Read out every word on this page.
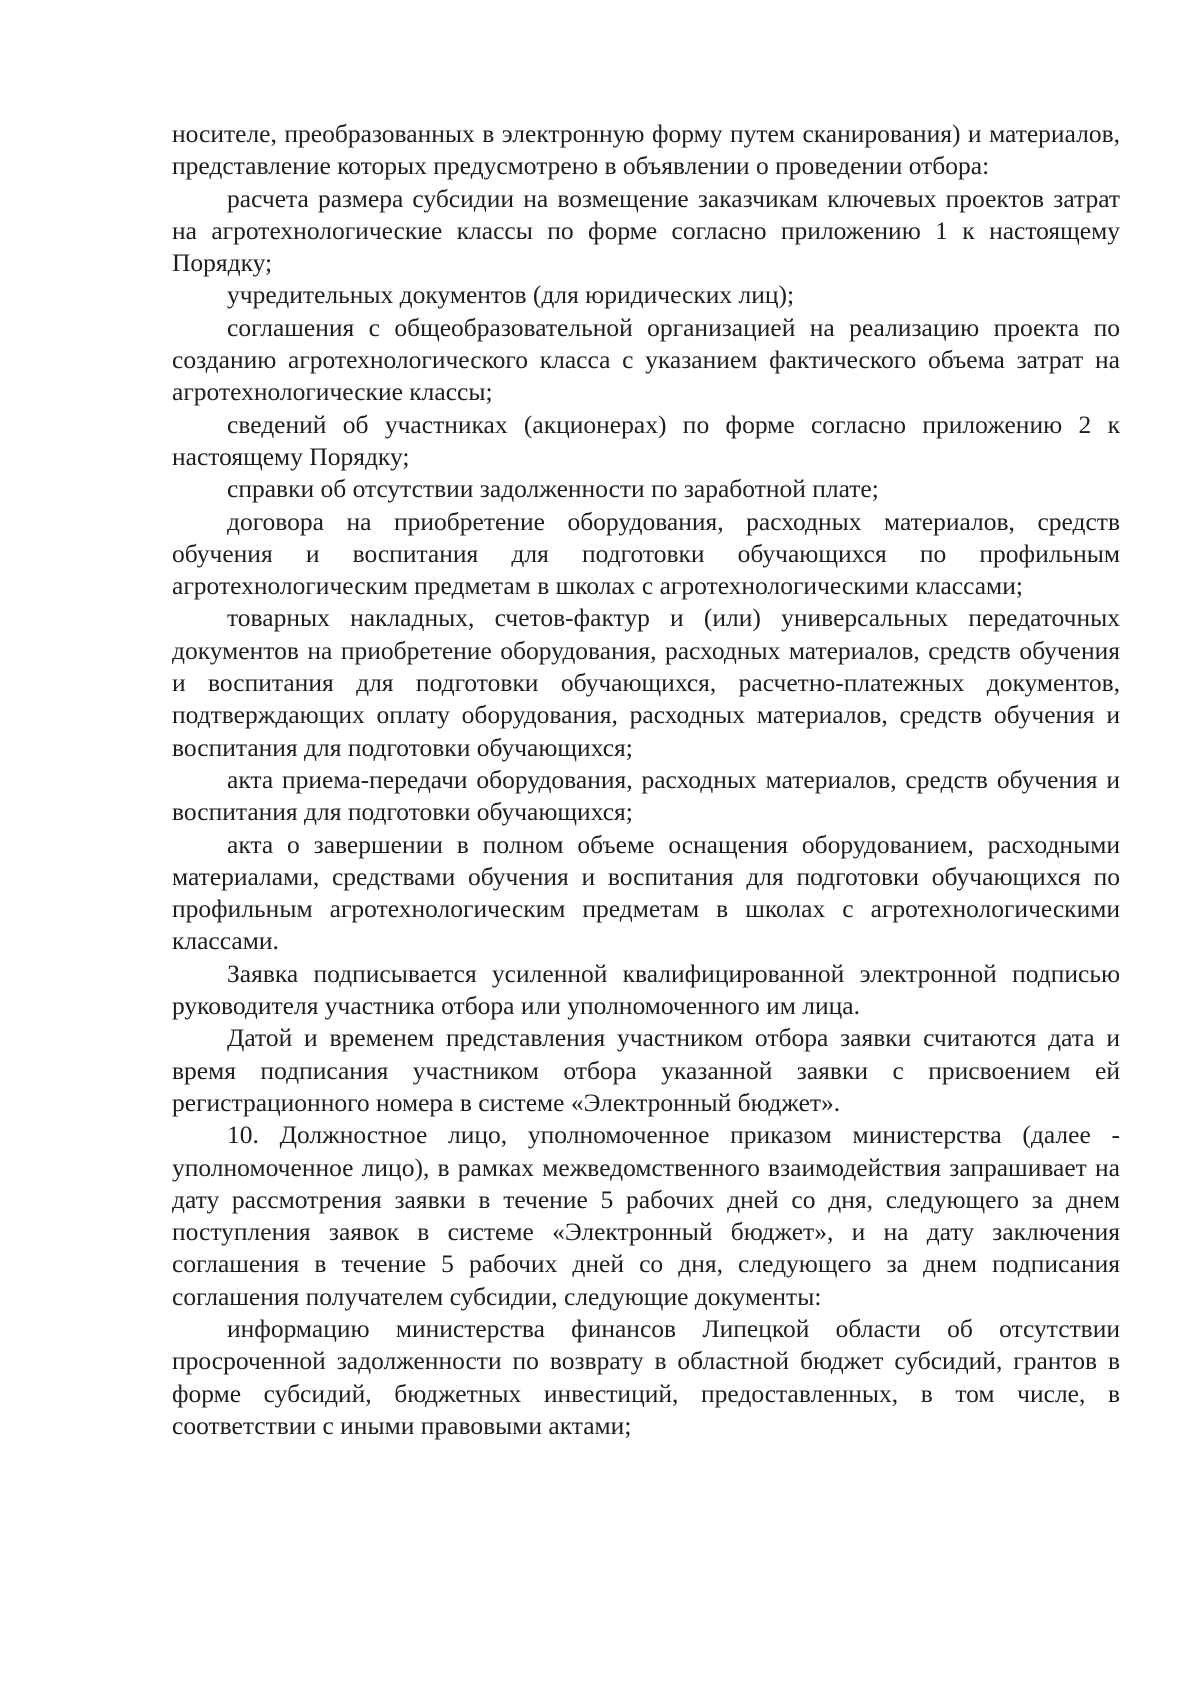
носителе, преобразованных в электронную форму путем сканирования) и материалов, представление которых предусмотрено в объявлении о проведении отбора:

расчета размера субсидии на возмещение заказчикам ключевых проектов затрат на агротехнологические классы по форме согласно приложению 1 к настоящему Порядку;

учредительных документов (для юридических лиц);

соглашения с общеобразовательной организацией на реализацию проекта по созданию агротехнологического класса с указанием фактического объема затрат на агротехнологические классы;

сведений об участниках (акционерах) по форме согласно приложению 2 к настоящему Порядку;

справки об отсутствии задолженности по заработной плате;

договора на приобретение оборудования, расходных материалов, средств обучения и воспитания для подготовки обучающихся по профильным агротехнологическим предметам в школах с агротехнологическими классами;

товарных накладных, счетов-фактур и (или) универсальных передаточных документов на приобретение оборудования, расходных материалов, средств обучения и воспитания для подготовки обучающихся, расчетно-платежных документов, подтверждающих оплату оборудования, расходных материалов, средств обучения и воспитания для подготовки обучающихся;

акта приема-передачи оборудования, расходных материалов, средств обучения и воспитания для подготовки обучающихся;

акта о завершении в полном объеме оснащения оборудованием, расходными материалами, средствами обучения и воспитания для подготовки обучающихся по профильным агротехнологическим предметам в школах с агротехнологическими классами.

Заявка подписывается усиленной квалифицированной электронной подписью руководителя участника отбора или уполномоченного им лица.

Датой и временем представления участником отбора заявки считаются дата и время подписания участником отбора указанной заявки с присвоением ей регистрационного номера в системе «Электронный бюджет».

10. Должностное лицо, уполномоченное приказом министерства (далее - уполномоченное лицо), в рамках межведомственного взаимодействия запрашивает на дату рассмотрения заявки в течение 5 рабочих дней со дня, следующего за днем поступления заявок в системе «Электронный бюджет», и на дату заключения соглашения в течение 5 рабочих дней со дня, следующего за днем подписания соглашения получателем субсидии, следующие документы:

информацию министерства финансов Липецкой области об отсутствии просроченной задолженности по возврату в областной бюджет субсидий, грантов в форме субсидий, бюджетных инвестиций, предоставленных, в том числе, в соответствии с иными правовыми актами;
